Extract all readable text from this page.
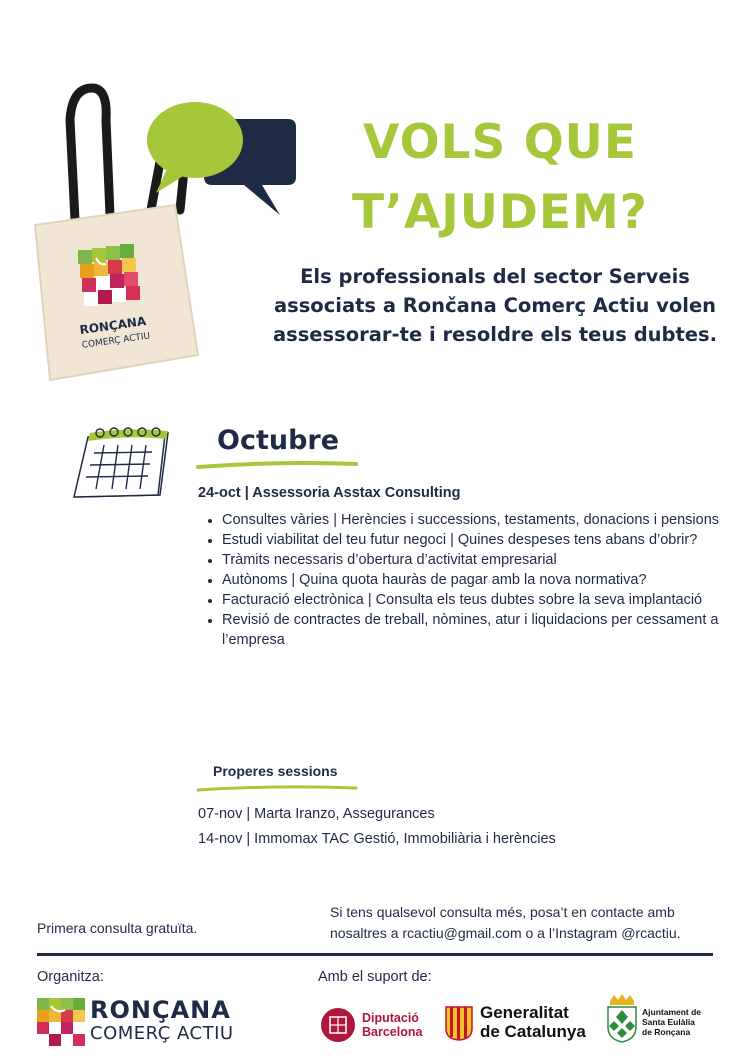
RONÇANA
COMERÇ ACTIU
VOLS QUE
T’AJUDEM?
Els professionals del sector Serveis
associats a Rončana Comerç Actiu volen
assessorar-te i resoldre els teus dubtes.
Octubre
24-oct | Assessoria Asstax Consulting
• Consultes vàries | Herències i successions, testaments, donacions i pensions
• Estudi viabilitat del teu futur negoci | Quines despeses tens abans d’obrir?
• Tràmits necessaris d’obertura d’activitat empresarial
• Autònoms | Quina quota hauràs de pagar amb la nova normativa?
• Facturació electrònica | Consulta els teus dubtes sobre la seva implantació
• Revisió de contractes de treball, nòmines, atur i liquidacions per cessament a l’empresa
Properes sessions
07-nov | Marta Iranzo, Assegurances
14-nov | Immomax TAC Gestió, Immobiliària i herències
Primera consulta gratuïta.
Si tens qualsevol consulta més, posa’t en contacte amb
nosaltres a rcactiu@gmail.com o a l’Instagram @rcactiu.
Organitza:	Amb el suport de:
RONÇANA
COMERÇ ACTIU
Diputació
Barcelona
Generalitat
de Catalunya
Ajuntament de
Santa Eulàlia
de Ronçana
